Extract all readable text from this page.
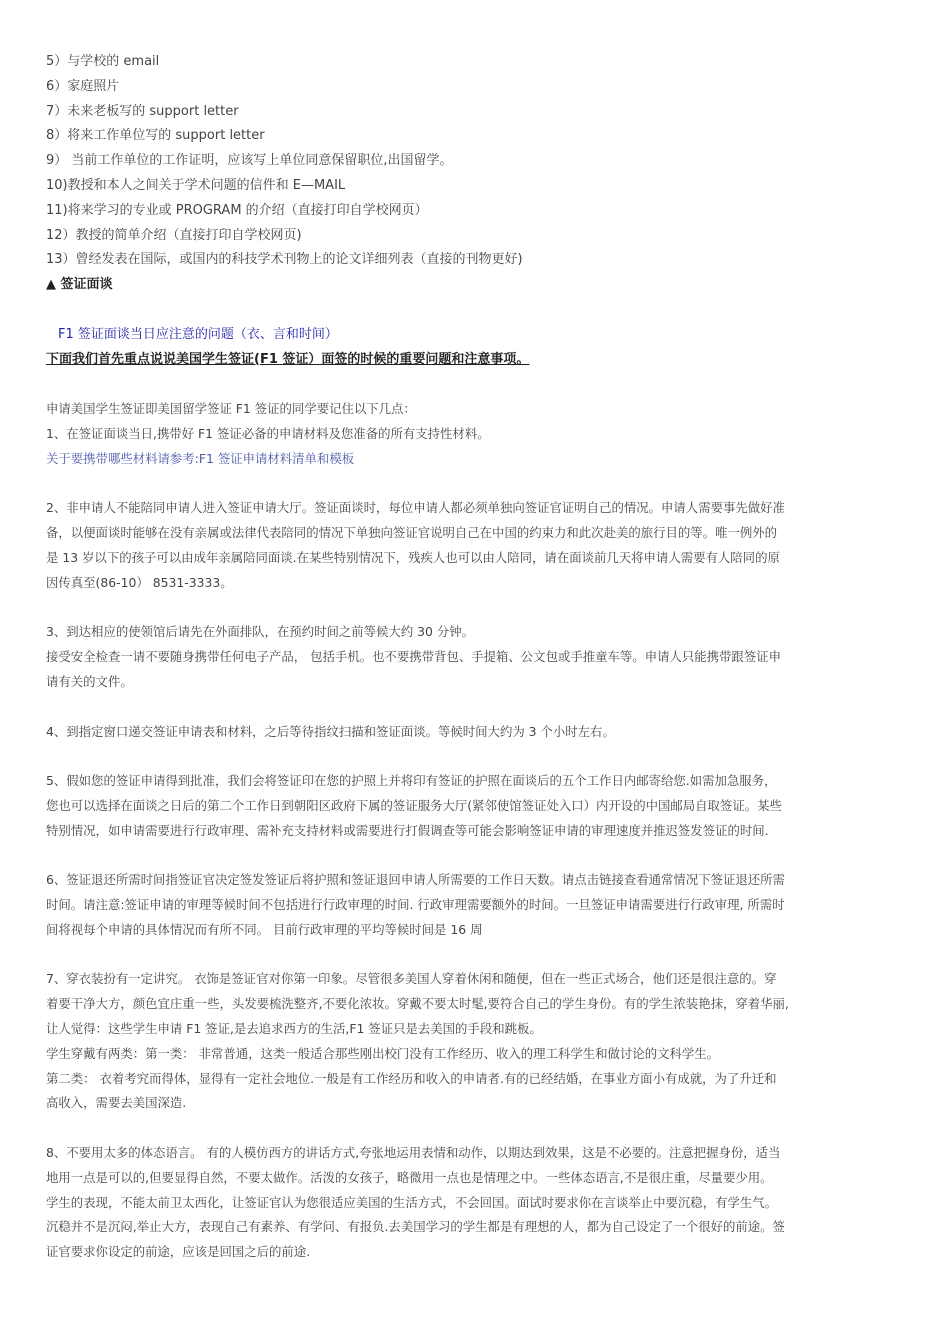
5）与学校的 email
6）家庭照片
7）未来老板写的 support letter
8）将来工作单位写的 support letter
9） 当前工作单位的工作证明，应该写上单位同意保留职位,出国留学。
10)教授和本人之间关于学术问题的信件和 E—MAIL
11)将来学习的专业或 PROGRAM 的介绍（直接打印自学校网页）
12）教授的简单介绍（直接打印自学校网页)
13）曾经发表在国际，或国内的科技学术刊物上的论文详细列表（直接的刊物更好)
▲ 签证面谈
F1 签证面谈当日应注意的问题（衣、言和时间）
下面我们首先重点说说美国学生签证(F1 签证）面签的时候的重要问题和注意事项。
申请美国学生签证即美国留学签证 F1 签证的同学要记住以下几点：
1、在签证面谈当日,携带好 F1 签证必备的申请材料及您准备的所有支持性材料。
关于要携带哪些材料请参考:F1 签证申请材料清单和模板
2、非申请人不能陪同申请人进入签证申请大厅。签证面谈时，每位申请人都必须单独向签证官证明自己的情况。申请人需要事先做好准
备，以便面谈时能够在没有亲属或法律代表陪同的情况下单独向签证官说明自己在中国的约束力和此次赴美的旅行目的等。唯一例外的
是 13 岁以下的孩子可以由成年亲属陪同面谈.在某些特别情况下，残疾人也可以由人陪同，请在面谈前几天将申请人需要有人陪同的原
因传真至(86-10） 8531-3333。
3、到达相应的使领馆后请先在外面排队，在预约时间之前等候大约 30 分钟。
接受安全检查一请不要随身携带任何电子产品， 包括手机。也不要携带背包、手提箱、公文包或手推童车等。申请人只能携带跟签证申
请有关的文件。
4、到指定窗口递交签证申请表和材料，之后等待指纹扫描和签证面谈。等候时间大约为 3 个小时左右。
5、假如您的签证申请得到批准，我们会将签证印在您的护照上并将印有签证的护照在面谈后的五个工作日内邮寄给您.如需加急服务，
您也可以选择在面谈之日后的第二个工作日到朝阳区政府下属的签证服务大厅(紧邻使馆签证处入口）内开设的中国邮局自取签证。某些
特别情况，如申请需要进行行政审理、需补充支持材料或需要进行打假调查等可能会影响签证申请的审理速度并推迟签发签证的时间.
6、签证退还所需时间指签证官决定签发签证后将护照和签证退回申请人所需要的工作日天数。请点击链接查看通常情况下签证退还所需
时间。请注意:签证申请的审理等候时间不包括进行行政审理的时间. 行政审理需要额外的时间。一旦签证申请需要进行行政审理, 所需时
间将视每个申请的具体情况而有所不同。 目前行政审理的平均等候时间是 16 周
7、穿衣装扮有一定讲究。 衣饰是签证官对你第一印象。尽管很多美国人穿着休闲和随便，但在一些正式场合，他们还是很注意的。穿
着要干净大方，颜色宜庄重一些，头发要梳洗整齐,不要化浓妆。穿戴不要太时髦,要符合自己的学生身份。有的学生浓装艳抹，穿着华丽,
让人觉得：这些学生申请 F1 签证,是去追求西方的生活,F1 签证只是去美国的手段和跳板。
学生穿戴有两类：第一类： 非常普通，这类一般适合那些刚出校门没有工作经历、收入的理工科学生和做讨论的文科学生。
第二类： 衣着考究而得体，显得有一定社会地位.一般是有工作经历和收入的申请者.有的已经结婚，在事业方面小有成就，为了升迁和
高收入，需要去美国深造.
8、不要用太多的体态语言。 有的人模仿西方的讲话方式,夸张地运用表情和动作，以期达到效果，这是不必要的。注意把握身份，适当
地用一点是可以的,但要显得自然，不要太做作。活泼的女孩子，略微用一点也是情理之中。一些体态语言,不是很庄重，尽量要少用。
学生的表现，不能太前卫太西化，让签证官认为您很适应美国的生活方式，不会回国。面试时要求你在言谈举止中要沉稳，有学生气。
沉稳并不是沉闷,举止大方，表现自己有素养、有学问、有报负.去美国学习的学生都是有理想的人，都为自己设定了一个很好的前途。签
证官要求你设定的前途，应该是回国之后的前途.
